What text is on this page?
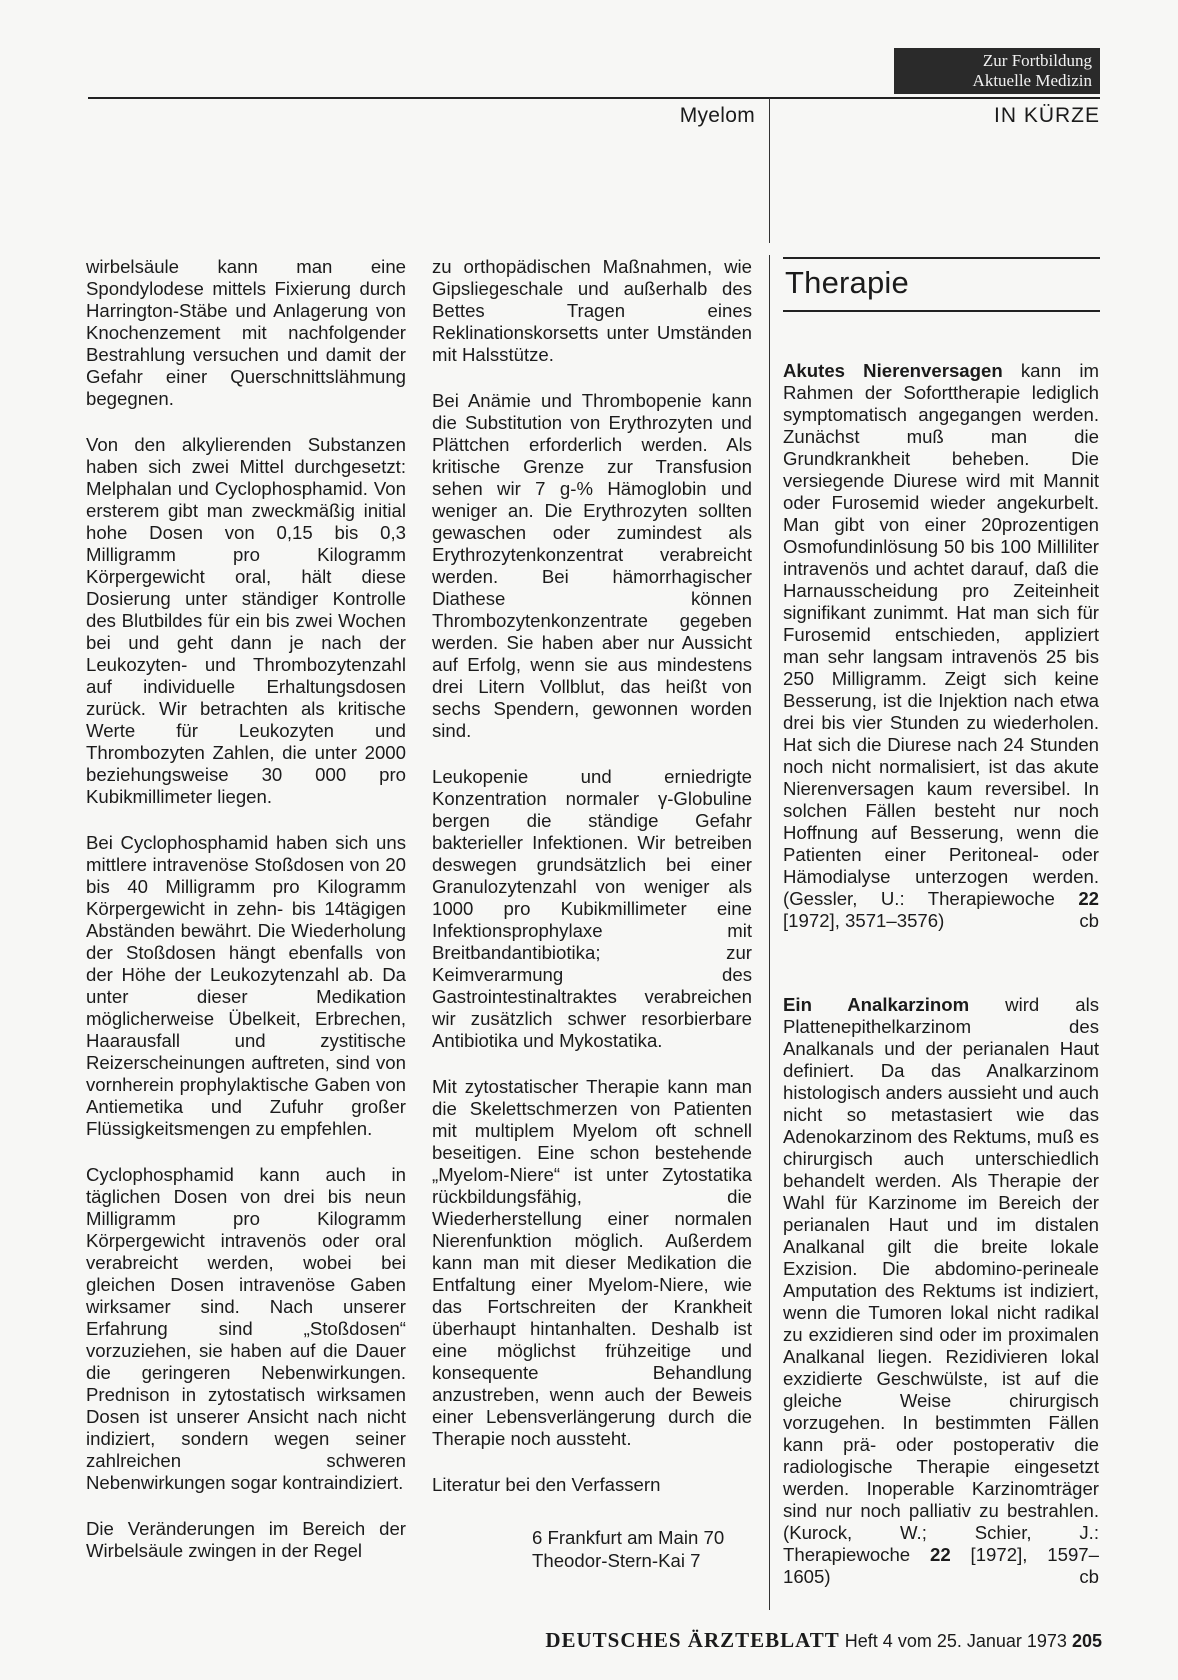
Zur Fortbildung
Aktuelle Medizin
Myelom	IN KÜRZE

wirbelsäule kann man eine Spondylodese mittels Fixierung durch Harrington-Stäbe und Anlagerung von Knochenzement mit nachfolgender Bestrahlung versuchen und damit der Gefahr einer Querschnittslähmung begegnen.

Von den alkylierenden Substanzen haben sich zwei Mittel durchgesetzt: Melphalan und Cyclophosphamid. Von ersterem gibt man zweckmäßig initial hohe Dosen von 0,15 bis 0,3 Milligramm pro Kilogramm Körpergewicht oral, hält diese Dosierung unter ständiger Kontrolle des Blutbildes für ein bis zwei Wochen bei und geht dann je nach der Leukozyten- und Thrombozytenzahl auf individuelle Erhaltungsdosen zurück. Wir betrachten als kritische Werte für Leukozyten und Thrombozyten Zahlen, die unter 2000 beziehungsweise 30 000 pro Kubikmillimeter liegen.

Bei Cyclophosphamid haben sich uns mittlere intravenöse Stoßdosen von 20 bis 40 Milligramm pro Kilogramm Körpergewicht in zehn- bis 14tägigen Abständen bewährt. Die Wiederholung der Stoßdosen hängt ebenfalls von der Höhe der Leukozytenzahl ab. Da unter dieser Medikation möglicherweise Übelkeit, Erbrechen, Haarausfall und zystitische Reizerscheinungen auftreten, sind von vornherein prophylaktische Gaben von Antiemetika und Zufuhr großer Flüssigkeitsmengen zu empfehlen.

Cyclophosphamid kann auch in täglichen Dosen von drei bis neun Milligramm pro Kilogramm Körpergewicht intravenös oder oral verabreicht werden, wobei bei gleichen Dosen intravenöse Gaben wirksamer sind. Nach unserer Erfahrung sind „Stoßdosen“ vorzuziehen, sie haben auf die Dauer die geringeren Nebenwirkungen. Prednison in zytostatisch wirksamen Dosen ist unserer Ansicht nach nicht indiziert, sondern wegen seiner zahlreichen schweren Nebenwirkungen sogar kontraindiziert.

Die Veränderungen im Bereich der Wirbelsäule zwingen in der Regel

zu orthopädischen Maßnahmen, wie Gipsliegeschale und außerhalb des Bettes Tragen eines Reklinationskorsetts unter Umständen mit Halsstütze.

Bei Anämie und Thrombopenie kann die Substitution von Erythrozyten und Plättchen erforderlich werden. Als kritische Grenze zur Transfusion sehen wir 7 g-% Hämoglobin und weniger an. Die Erythrozyten sollten gewaschen oder zumindest als Erythrozytenkonzentrat verabreicht werden. Bei hämorrhagischer Diathese können Thrombozytenkonzentrate gegeben werden. Sie haben aber nur Aussicht auf Erfolg, wenn sie aus mindestens drei Litern Vollblut, das heißt von sechs Spendern, gewonnen worden sind.

Leukopenie und erniedrigte Konzentration normaler γ-Globuline bergen die ständige Gefahr bakterieller Infektionen. Wir betreiben deswegen grundsätzlich bei einer Granulozytenzahl von weniger als 1000 pro Kubikmillimeter eine Infektionsprophylaxe mit Breitbandantibiotika; zur Keimverarmung des Gastrointestinaltraktes verabreichen wir zusätzlich schwer resorbierbare Antibiotika und Mykostatika.

Mit zytostatischer Therapie kann man die Skelettschmerzen von Patienten mit multiplem Myelom oft schnell beseitigen. Eine schon bestehende „Myelom-Niere“ ist unter Zytostatika rückbildungsfähig, die Wiederherstellung einer normalen Nierenfunktion möglich. Außerdem kann man mit dieser Medikation die Entfaltung einer Myelom-Niere, wie das Fortschreiten der Krankheit überhaupt hintanhalten. Deshalb ist eine möglichst frühzeitige und konsequente Behandlung anzustreben, wenn auch der Beweis einer Lebensverlängerung durch die Therapie noch aussteht.

Literatur bei den Verfassern

6 Frankfurt am Main 70
Theodor-Stern-Kai 7
Therapie

Akutes Nierenversagen kann im Rahmen der Soforttherapie lediglich symptomatisch angegangen werden. Zunächst muß man die Grundkrankheit beheben. Die versiegende Diurese wird mit Mannit oder Furosemid wieder angekurbelt. Man gibt von einer 20prozentigen Osmofundinlösung 50 bis 100 Milliliter intravenös und achtet darauf, daß die Harnausscheidung pro Zeiteinheit signifikant zunimmt. Hat man sich für Furosemid entschieden, appliziert man sehr langsam intravenös 25 bis 250 Milligramm. Zeigt sich keine Besserung, ist die Injektion nach etwa drei bis vier Stunden zu wiederholen. Hat sich die Diurese nach 24 Stunden noch nicht normalisiert, ist das akute Nierenversagen kaum reversibel. In solchen Fällen besteht nur noch Hoffnung auf Besserung, wenn die Patienten einer Peritoneal- oder Hämodialyse unterzogen werden. (Gessler, U.: Therapiewoche 22 [1972], 3571–3576)	cb

Ein Analkarzinom wird als Plattenepithelkarzinom des Analkanals und der perianalen Haut definiert. Da das Analkarzinom histologisch anders aussieht und auch nicht so metastasiert wie das Adenokarzinom des Rektums, muß es chirurgisch auch unterschiedlich behandelt werden. Als Therapie der Wahl für Karzinome im Bereich der perianalen Haut und im distalen Analkanal gilt die breite lokale Exzision. Die abdomino-perineale Amputation des Rektums ist indiziert, wenn die Tumoren lokal nicht radikal zu exzidieren sind oder im proximalen Analkanal liegen. Rezidivieren lokal exzidierte Geschwülste, ist auf die gleiche Weise chirurgisch vorzugehen. In bestimmten Fällen kann prä- oder postoperativ die radiologische Therapie eingesetzt werden. Inoperable Karzinomträger sind nur noch palliativ zu bestrahlen. (Kurock, W.; Schier, J.: Therapiewoche 22 [1972], 1597–1605)	cb

DEUTSCHES ÄRZTEBLATT Heft 4 vom 25. Januar 1973 205
